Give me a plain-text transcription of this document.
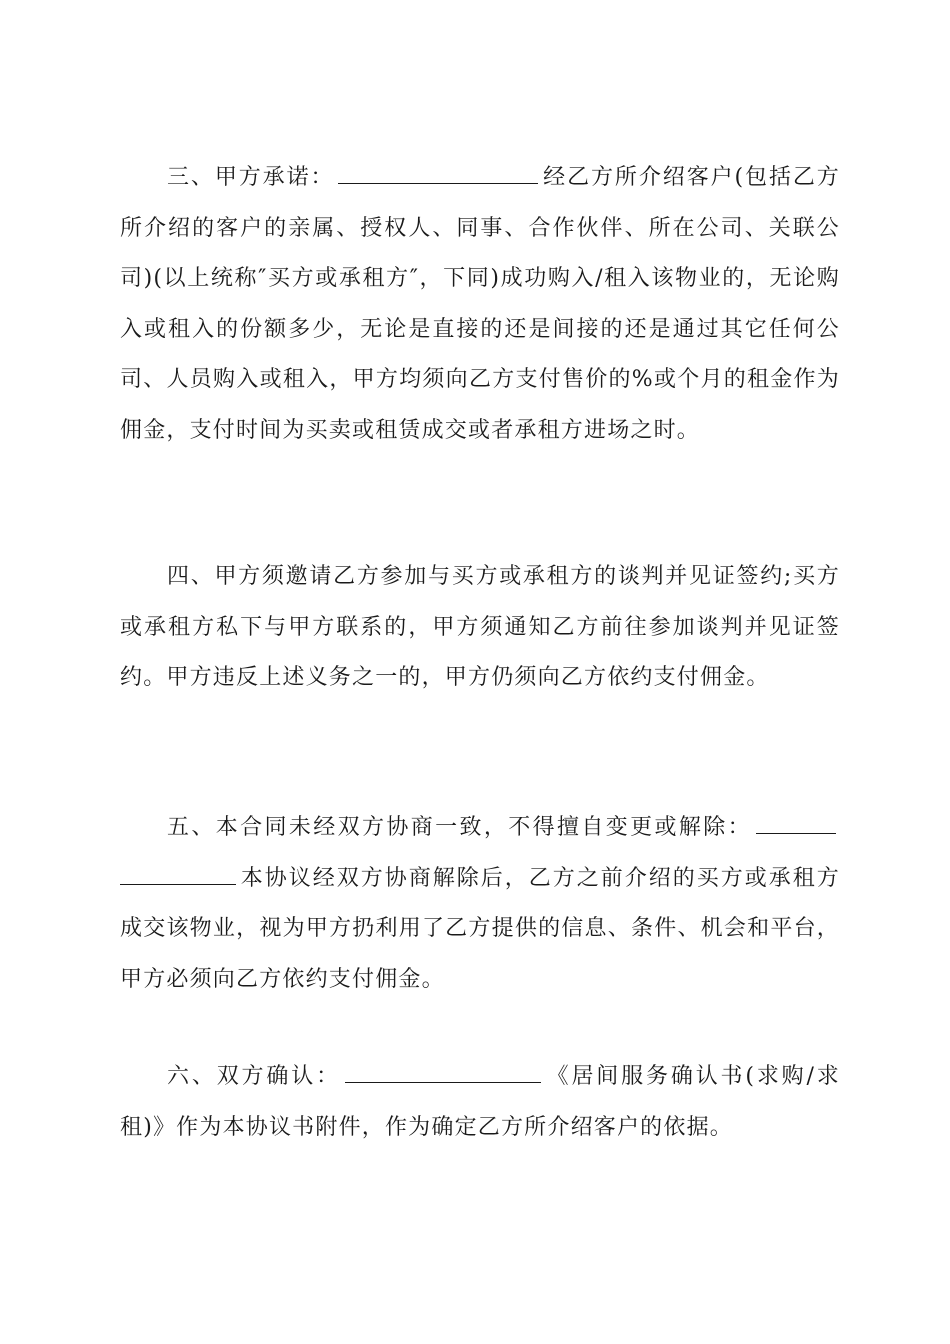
三、甲方承诺：	经乙方所介绍客户(包括乙方所介绍的客户的亲属、授权人、同事、合作伙伴、所在公司、关联公司)(以上统称″买方或承租方″，下同)成功购入/租入该物业的，无论购入或租入的份额多少，无论是直接的还是间接的还是通过其它任何公司、人员购入或租入，甲方均须向乙方支付售价的%或个月的租金作为佣金，支付时间为买卖或租赁成交或者承租方进场之时。

四、甲方须邀请乙方参加与买方或承租方的谈判并见证签约;买方或承租方私下与甲方联系的，甲方须通知乙方前往参加谈判并见证签约。甲方违反上述义务之一的，甲方仍须向乙方依约支付佣金。

五、本合同未经双方协商一致，不得擅自变更或解除：本协议经双方协商解除后，乙方之前介绍的买方或承租方成交该物业，视为甲方扔利用了乙方提供的信息、条件、机会和平台，甲方必须向乙方依约支付佣金。

六、双方确认：	《居间服务确认书(求购/求租)》作为本协议书附件，作为确定乙方所介绍客户的依据。
